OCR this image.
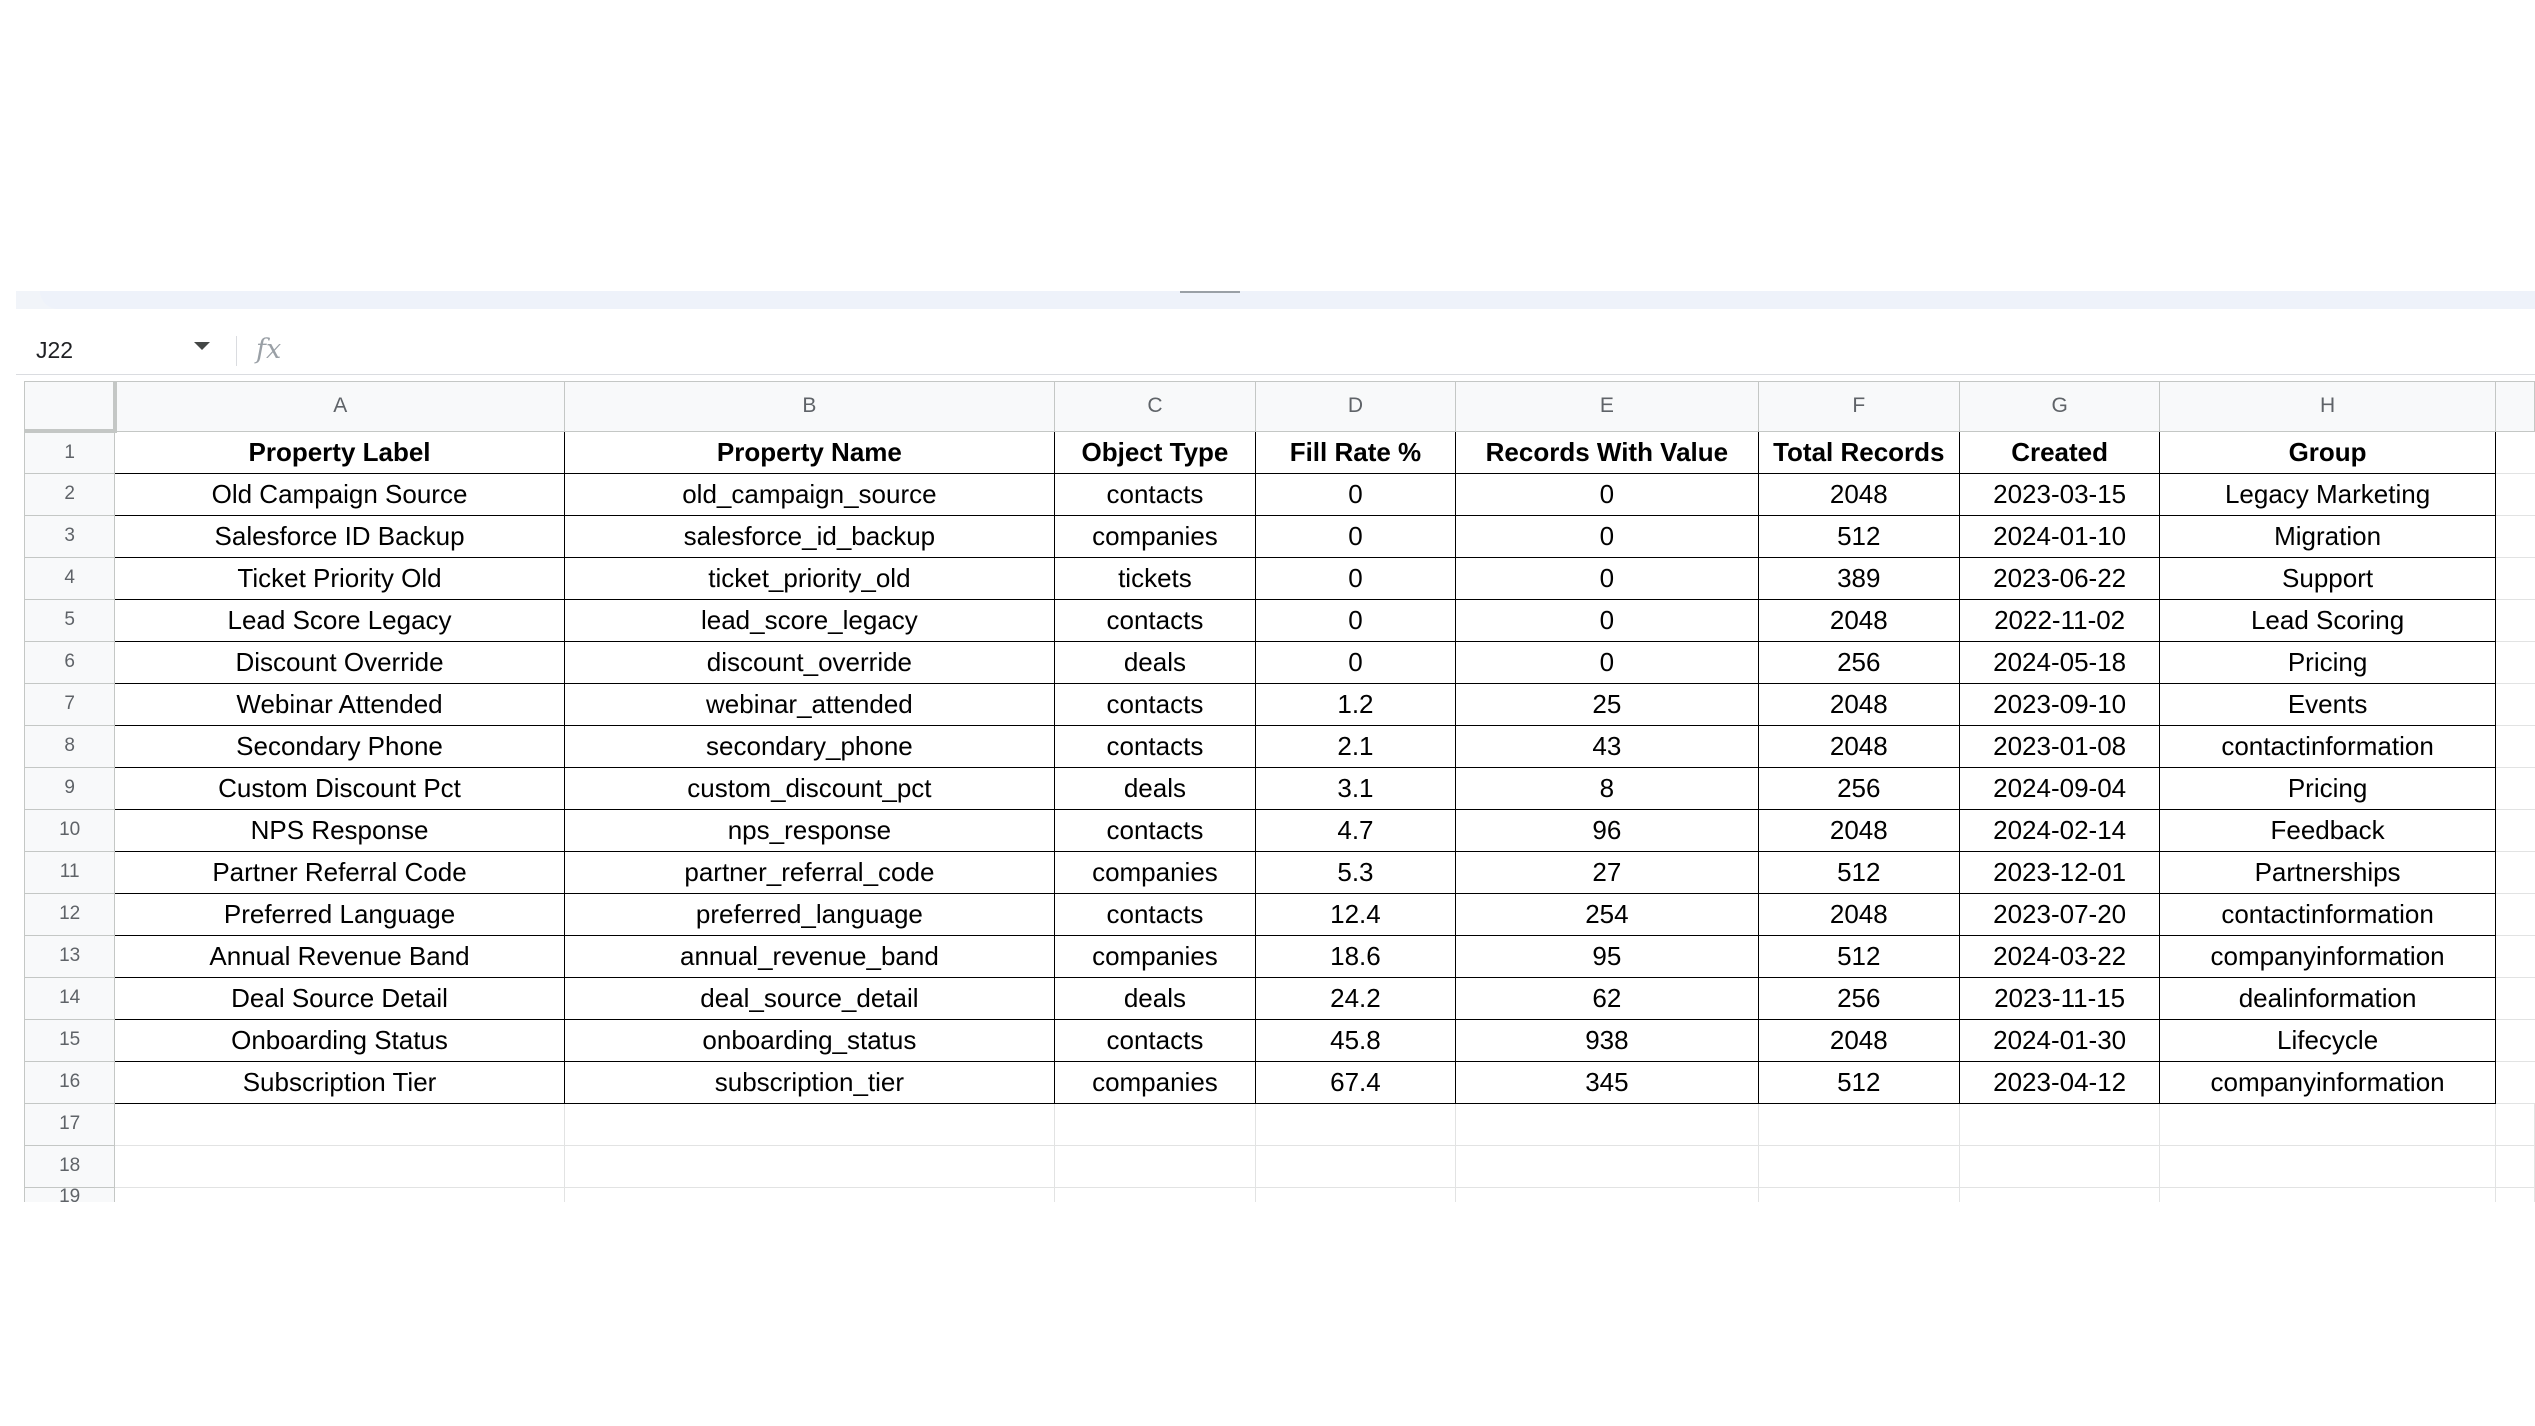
J22	fx
	A	B	C	D	E	F	G	H	
1	Property Label	Property Name	Object Type	Fill Rate %	Records With Value	Total Records	Created	Group	
2	Old Campaign Source	old_campaign_source	contacts	0	0	2048	2023-03-15	Legacy Marketing	
3	Salesforce ID Backup	salesforce_id_backup	companies	0	0	512	2024-01-10	Migration	
4	Ticket Priority Old	ticket_priority_old	tickets	0	0	389	2023-06-22	Support	
5	Lead Score Legacy	lead_score_legacy	contacts	0	0	2048	2022-11-02	Lead Scoring	
6	Discount Override	discount_override	deals	0	0	256	2024-05-18	Pricing	
7	Webinar Attended	webinar_attended	contacts	1.2	25	2048	2023-09-10	Events	
8	Secondary Phone	secondary_phone	contacts	2.1	43	2048	2023-01-08	contactinformation	
9	Custom Discount Pct	custom_discount_pct	deals	3.1	8	256	2024-09-04	Pricing	
10	NPS Response	nps_response	contacts	4.7	96	2048	2024-02-14	Feedback	
11	Partner Referral Code	partner_referral_code	companies	5.3	27	512	2023-12-01	Partnerships	
12	Preferred Language	preferred_language	contacts	12.4	254	2048	2023-07-20	contactinformation	
13	Annual Revenue Band	annual_revenue_band	companies	18.6	95	512	2024-03-22	companyinformation	
14	Deal Source Detail	deal_source_detail	deals	24.2	62	256	2023-11-15	dealinformation	
15	Onboarding Status	onboarding_status	contacts	45.8	938	2048	2024-01-30	Lifecycle	
16	Subscription Tier	subscription_tier	companies	67.4	345	512	2023-04-12	companyinformation	
17									
18									
19									
